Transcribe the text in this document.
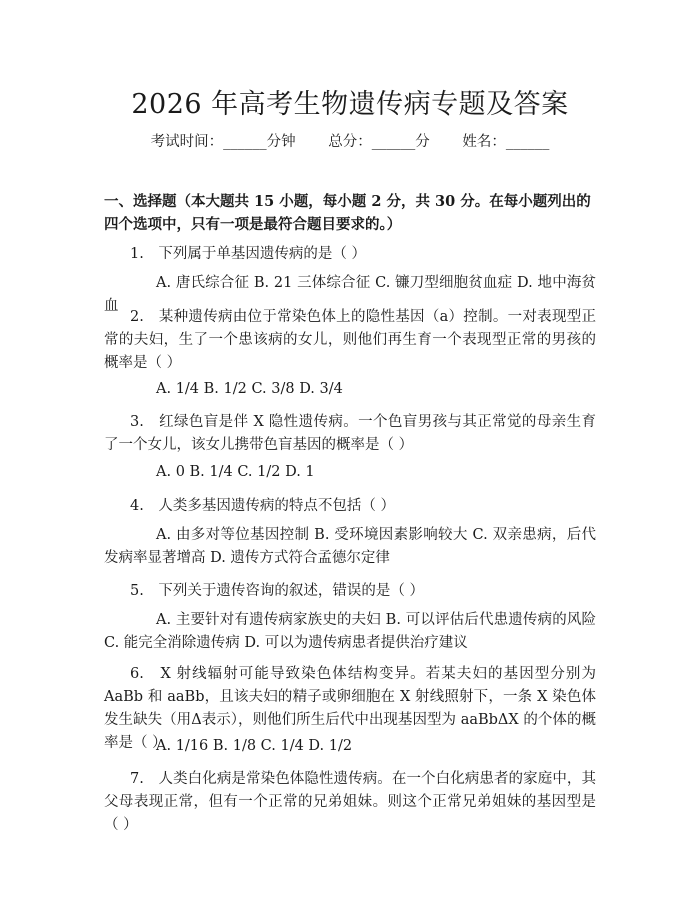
2026 年高考生物遗传病专题及答案
考试时间：______分钟 总分：______分 姓名：______
一、选择题（本大题共 15 小题，每小题 2 分，共 30 分。在每小题列出的四个选项中，只有一项是最符合题目要求的。）
1.　下列属于单基因遗传病的是（ ）
A. 唐氏综合征 B. 21 三体综合征 C. 镰刀型细胞贫血症 D. 地中海贫血
2.　某种遗传病由位于常染色体上的隐性基因（a）控制。一对表现型正常的夫妇，生了一个患该病的女儿，则他们再生育一个表现型正常的男孩的概率是（ ）
A. 1/4 B. 1/2 C. 3/8 D. 3/4
3.　红绿色盲是伴 X 隐性遗传病。一个色盲男孩与其正常觉的母亲生育了一个女儿，该女儿携带色盲基因的概率是（ ）
A. 0 B. 1/4 C. 1/2 D. 1
4.　人类多基因遗传病的特点不包括（ ）
A. 由多对等位基因控制 B. 受环境因素影响较大 C. 双亲患病，后代发病率显著增高 D. 遗传方式符合孟德尔定律
5.　下列关于遗传咨询的叙述，错误的是（ ）
A. 主要针对有遗传病家族史的夫妇 B. 可以评估后代患遗传病的风险 C. 能完全消除遗传病 D. 可以为遗传病患者提供治疗建议
6.　X 射线辐射可能导致染色体结构变异。若某夫妇的基因型分别为 AaBb 和 aaBb，且该夫妇的精子或卵细胞在 X 射线照射下，一条 X 染色体发生缺失（用Δ表示），则他们所生后代中出现基因型为 aaBbΔX 的个体的概率是（ ）
A. 1/16 B. 1/8 C. 1/4 D. 1/2
7.　人类白化病是常染色体隐性遗传病。在一个白化病患者的家庭中，其父母表现正常，但有一个正常的兄弟姐妹。则这个正常兄弟姐妹的基因型是（ ）
